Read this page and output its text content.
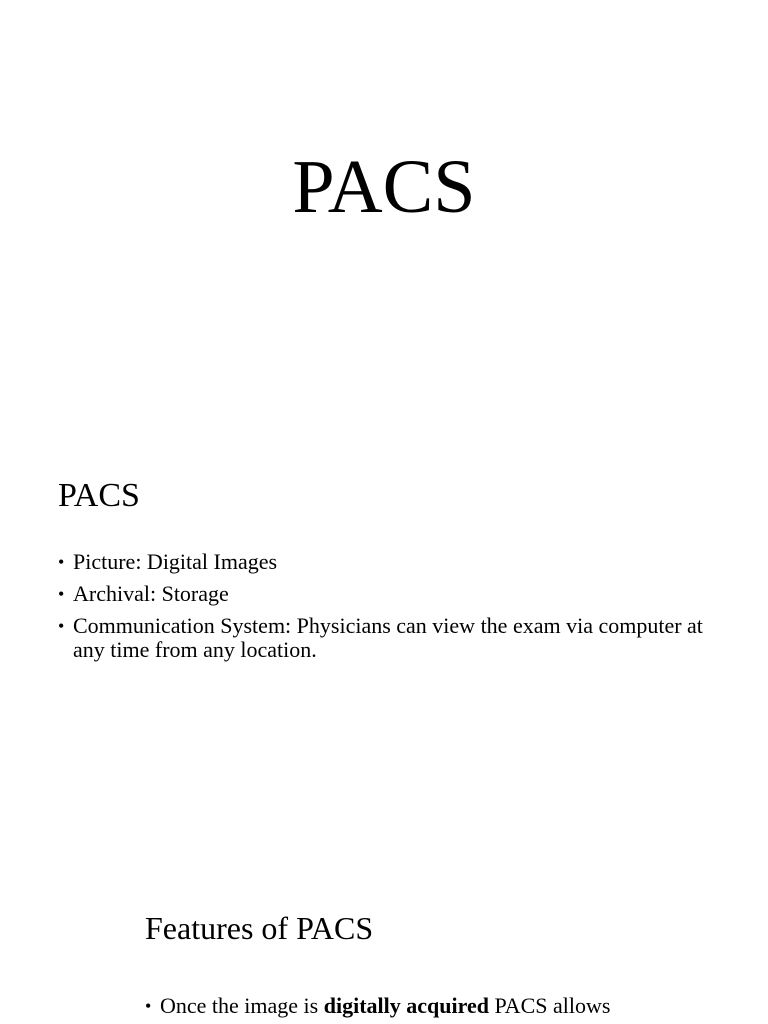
PACS
PACS
• Picture: Digital Images
• Archival: Storage
• Communication System: Physicians can view the exam via computer at any time from any location.
Features of PACS
• Once the image is digitally acquired PACS allows
